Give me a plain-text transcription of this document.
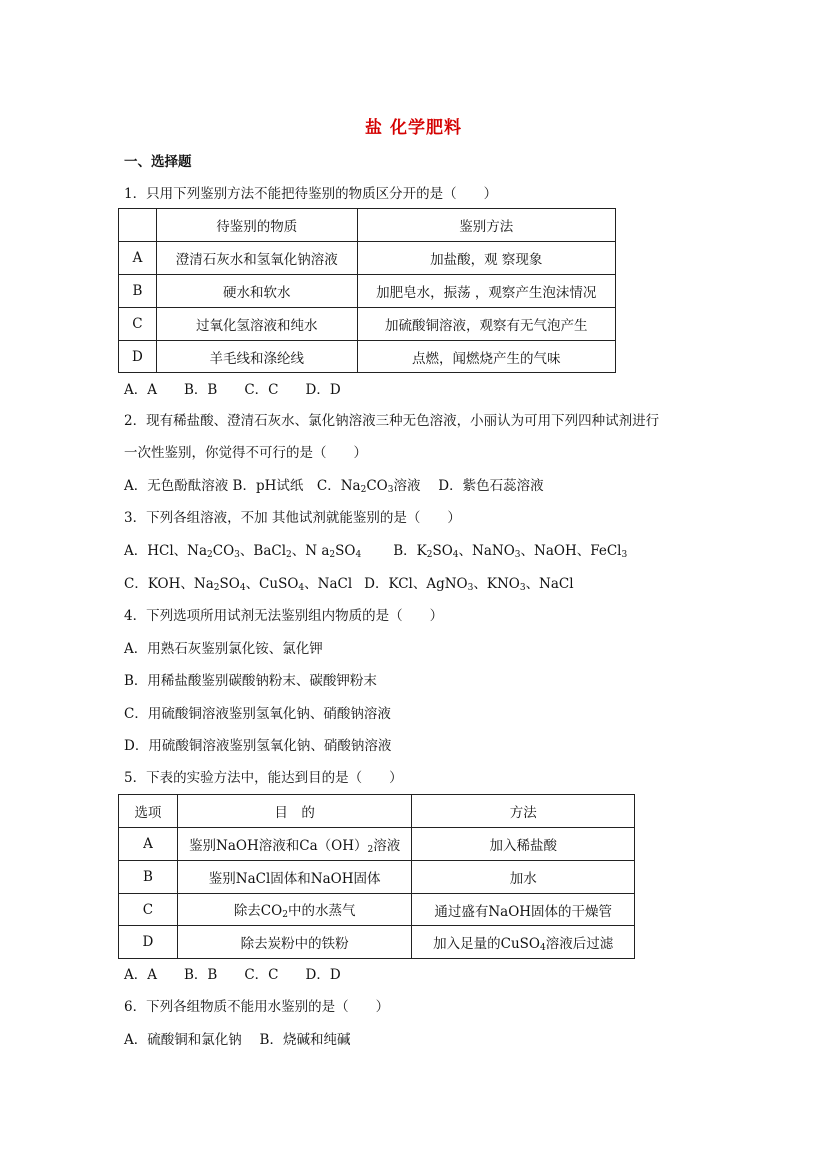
盐 化学肥料
一、选择题
1．只用下列鉴别方法不能把待鉴别的物质区分开的是（　　）
	待鉴别的物质	鉴别方法
A	澄清石灰水和氢氧化钠溶液	加盐酸，观 察现象
B	硬水和软水	加肥皂水，振荡 ，观察产生泡沫情况
C	过氧化氢溶液和纯水	加硫酸铜溶液，观察有无气泡产生
D	羊毛线和涤纶线	点燃，闻燃烧产生的气味
A．A　　B．B　　C．C　　D．D
2．现有稀盐酸、澄清石灰水、氯化钠溶液三种无色溶液，小丽认为可用下列四种试剂进行
一次性鉴别，你觉得不可行的是（　　）
A．无色酚酞溶液 B．pH试纸　C．$Na_2CO_3$溶液　 D．紫色石蕊溶液
3．下列各组溶液，不加 其他试剂就能鉴别的是（　　）
A．HCl、$Na_2CO_3$、BaCl$_2$、N $a_2SO_4$ B．$K_2SO_4$、NaNO$_3$、NaOH、FeCl$_3$
C．KOH、$Na_2SO_4$、CuSO$_4$、NaCl D．KCl、AgNO$_3$、$KNO_3$、NaCl
4．下列选项所用试剂无法鉴别组内物质的是（　　）
A．用熟石灰鉴别氯化铵、氯化钾
B．用稀盐酸鉴别碳酸钠粉末、碳酸钾粉末
C．用硫酸铜溶液鉴别氢氧化钠、硝酸钠溶液
D．用硫酸铜溶液鉴别氢氧化钠、硝酸钠溶液
5．下表的实验方法中，能达到目的是（　　）
选项	目　的	方法
A	鉴别NaOH溶液和$Ca(OH)_2$溶液	加入稀盐酸
B	鉴别NaCl固体和NaOH固体	加水
C	除去$CO_2$中的水蒸气	通过盛有NaOH固体的干燥管
D	除去炭粉中的铁粉	加入足量的CuSO$_4$溶液后过滤
A．A　　B．B　　C．C　　D．D
6．下列各组物质不能用水鉴别的是（　　）
A．硫酸铜和氯化钠　 B．烧碱和纯碱
